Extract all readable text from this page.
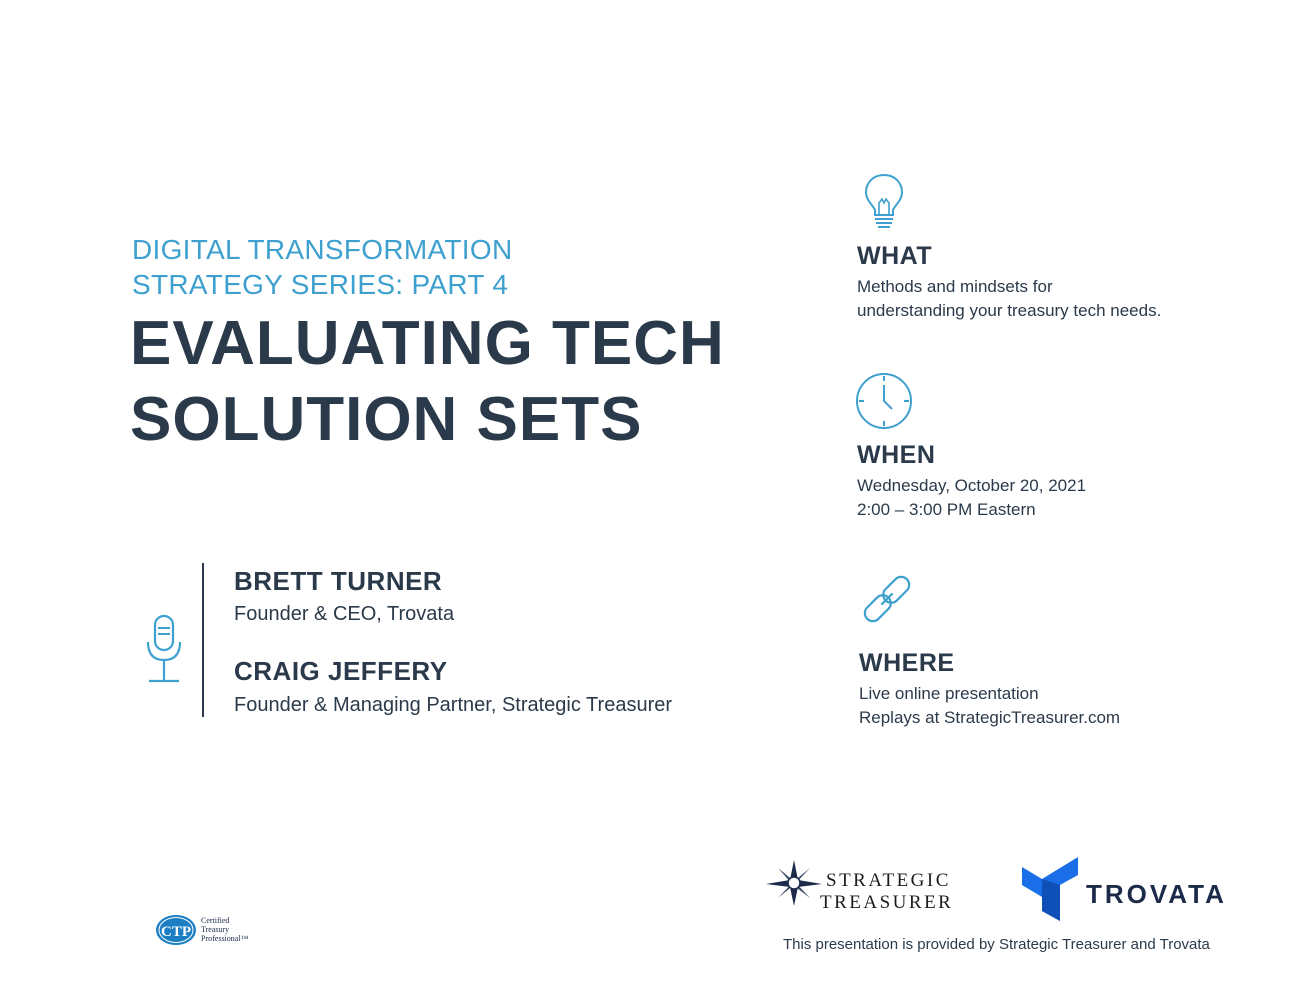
DIGITAL TRANSFORMATION
STRATEGY SERIES: PART 4
EVALUATING TECH
SOLUTION SETS
BRETT TURNER
Founder & CEO, Trovata
CRAIG JEFFERY
Founder & Managing Partner, Strategic Treasurer
WHAT
Methods and mindsets for
understanding your treasury tech needs.
WHEN
Wednesday, October 20, 2021
2:00 – 3:00 PM Eastern
WHERE
Live online presentation
Replays at StrategicTreasurer.com
STRATEGIC
TREASURER	TROVATA
This presentation is provided by Strategic Treasurer and Trovata
CTP
Certified
Treasury
Professional™
